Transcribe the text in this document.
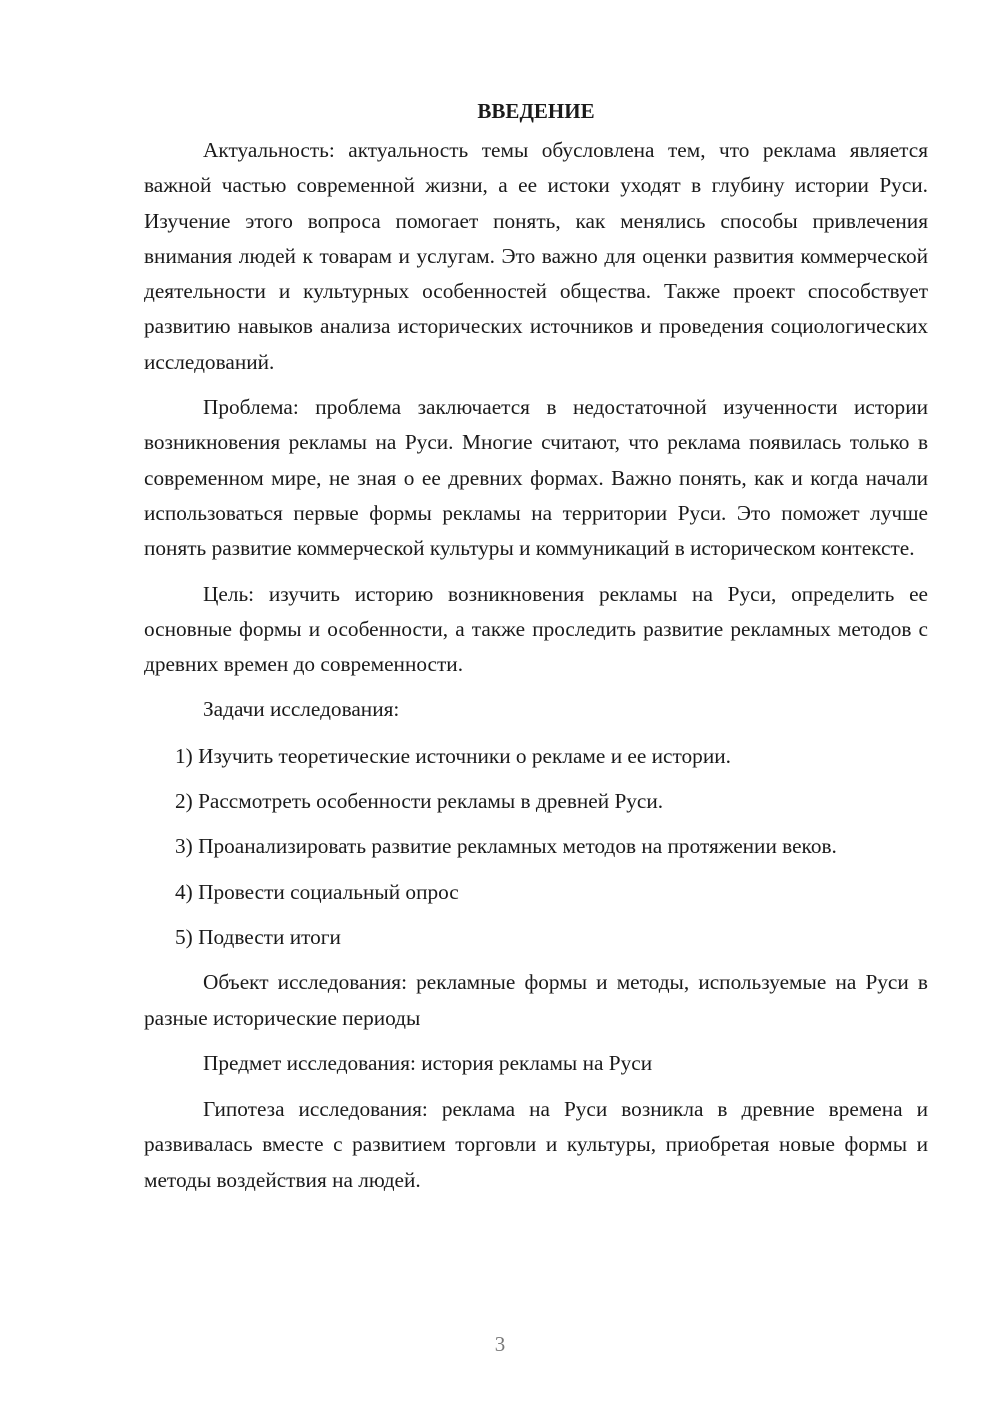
ВВЕДЕНИЕ

Актуальность: актуальность темы обусловлена тем, что реклама является важной частью современной жизни, а ее истоки уходят в глубину истории Руси. Изучение этого вопроса помогает понять, как менялись способы привлечения внимания людей к товарам и услугам. Это важно для оценки развития коммерческой деятельности и культурных особенностей общества. Также проект способствует развитию навыков анализа исторических источников и проведения социологических исследований.

Проблема: проблема заключается в недостаточной изученности истории возникновения рекламы на Руси. Многие считают, что реклама появилась только в современном мире, не зная о ее древних формах. Важно понять, как и когда начали использоваться первые формы рекламы на территории Руси. Это поможет лучше понять развитие коммерческой культуры и коммуникаций в историческом контексте.

Цель: изучить историю возникновения рекламы на Руси, определить ее основные формы и особенности, а также проследить развитие рекламных методов с древних времен до современности.

Задачи исследования:

1) Изучить теоретические источники о рекламе и ее истории.

2) Рассмотреть особенности рекламы в древней Руси.

3) Проанализировать развитие рекламных методов на протяжении веков.

4) Провести социальный опрос

5) Подвести итоги

Объект исследования: рекламные формы и методы, используемые на Руси в разные исторические периоды

Предмет исследования: история рекламы на Руси

Гипотеза исследования: реклама на Руси возникла в древние времена и развивалась вместе с развитием торговли и культуры, приобретая новые формы и методы воздействия на людей.

3
